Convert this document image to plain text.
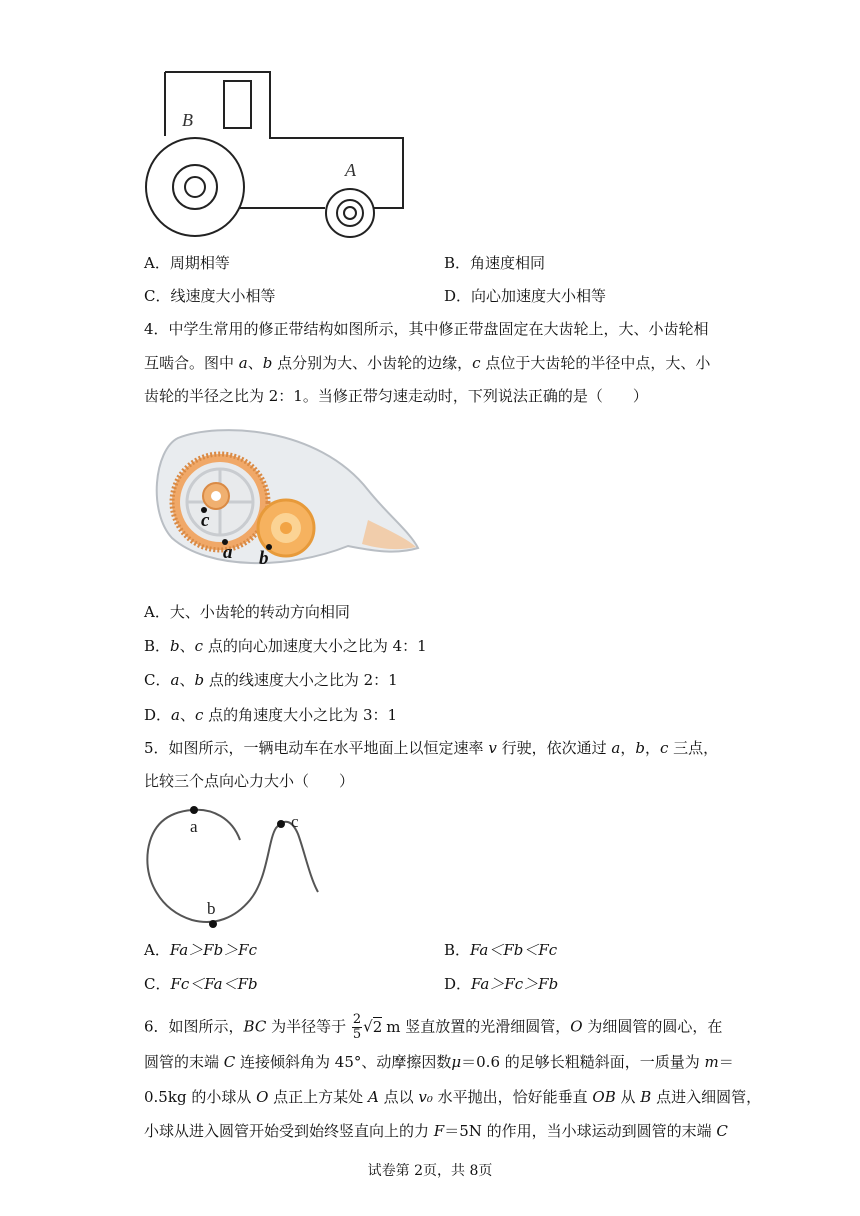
B
A
A．周期相等	B．角速度相同
C．线速度大小相等	D．向心加速度大小相等
4．中学生常用的修正带结构如图所示，其中修正带盘固定在大齿轮上，大、小齿轮相
互啮合。图中 a、b 点分别为大、小齿轮的边缘，c 点位于大齿轮的半径中点，大、小
齿轮的半径之比为 2：1。当修正带匀速走动时，下列说法正确的是（　　）
c
a b
A．大、小齿轮的转动方向相同
B．b、c 点的向心加速度大小之比为 4：1
C．a、b 点的线速度大小之比为 2：1
D．a、c 点的角速度大小之比为 3：1
5．如图所示，一辆电动车在水平地面上以恒定速率 v 行驶，依次通过 a，b，c 三点，
比较三个点向心力大小（　　）
a
b
c
A．Fa＞Fb＞Fc	B．Fa＜Fb＜Fc
C．Fc＜Fa＜Fb	D．Fa＞Fc＞Fb
6．如图所示，BC 为半径等于 $\frac{2}{5} √2$ m 竖直放置的光滑细圆管，O 为细圆管的圆心，在
圆管的末端 C 连接倾斜角为 45°、动摩擦因数μ＝0.6 的足够长粗糙斜面，一质量为 m＝
0.5kg 的小球从 O 点正上方某处 A 点以 v₀ 水平抛出，恰好能垂直 OB 从 B 点进入细圆管，
小球从进入圆管开始受到始终竖直向上的力 F＝5N 的作用，当小球运动到圆管的末端 C
试卷第 2页，共 8页
